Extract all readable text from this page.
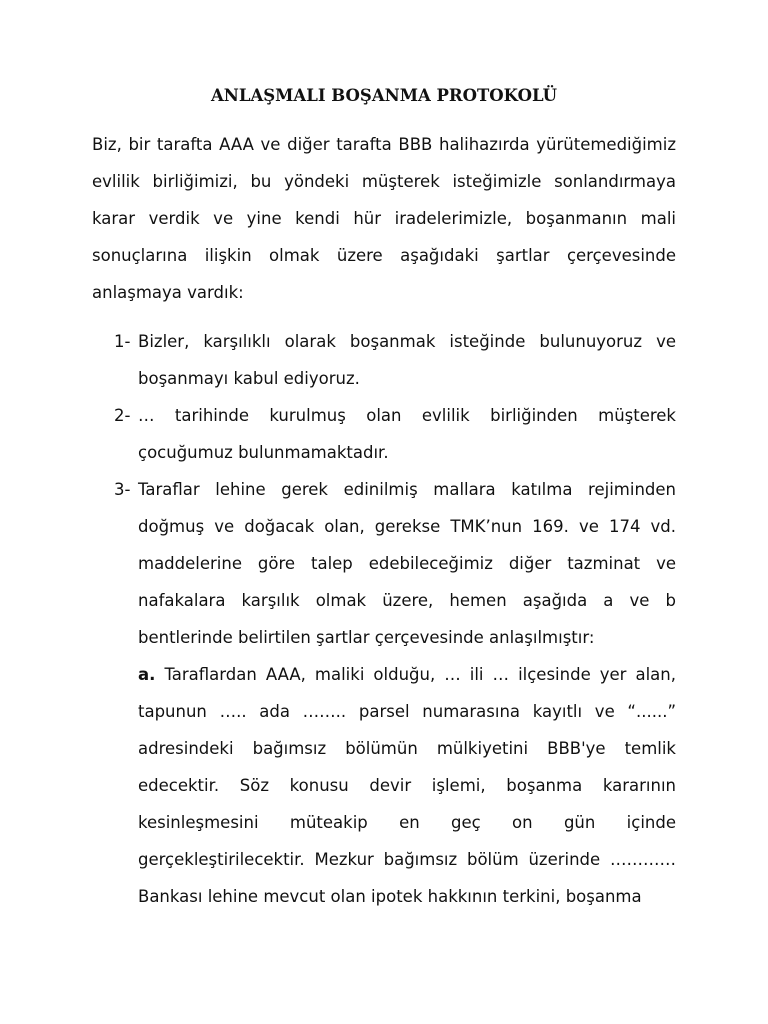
ANLAŞMALI BOŞANMA PROTOKOLÜ

Biz, bir tarafta AAA ve diğer tarafta BBB halihazırda yürütemediğimiz evlilik birliğimizi, bu yöndeki müşterek isteğimizle sonlandırmaya karar verdik ve yine kendi hür iradelerimizle, boşanmanın mali sonuçlarına ilişkin olmak üzere aşağıdaki şartlar çerçevesinde anlaşmaya vardık:

1- Bizler, karşılıklı olarak boşanmak isteğinde bulunuyoruz ve boşanmayı kabul ediyoruz.
2- … tarihinde kurulmuş olan evlilik birliğinden müşterek çocuğumuz bulunmamaktadır.
3- Taraflar lehine gerek edinilmiş mallara katılma rejiminden doğmuş ve doğacak olan, gerekse TMK’nun 169. ve 174 vd. maddelerine göre talep edebileceğimiz diğer tazminat ve nafakalara karşılık olmak üzere, hemen aşağıda a ve b bentlerinde belirtilen şartlar çerçevesinde anlaşılmıştır:

a. Taraflardan AAA, maliki olduğu, … ili … ilçesinde yer alan, tapunun ….. ada …….. parsel numarasına kayıtlı ve “......” adresindeki bağımsız bölümün mülkiyetini BBB'ye temlik edecektir. Söz konusu devir işlemi, boşanma kararının kesinleşmesini müteakip en geç on gün içinde gerçekleştirilecektir. Mezkur bağımsız bölüm üzerinde ………… Bankası lehine mevcut olan ipotek hakkının terkini, boşanma
